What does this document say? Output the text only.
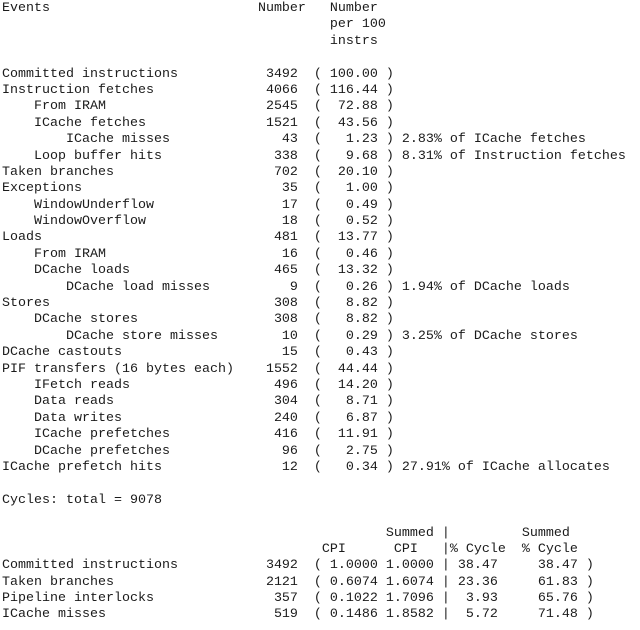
Events                          Number   Number
per 100
instrs

Committed instructions           3492  ( 100.00 )
Instruction fetches              4066  ( 116.44 )
From IRAM                    2545  (  72.88 )
ICache fetches               1521  (  43.56 )
ICache misses              43  (   1.23 ) 2.83% of ICache fetches
Loop buffer hits              338  (   9.68 ) 8.31% of Instruction fetches
Taken branches                    702  (  20.10 )
Exceptions                         35  (   1.00 )
WindowUnderflow                17  (   0.49 )
WindowOverflow                 18  (   0.52 )
Loads                             481  (  13.77 )
From IRAM                      16  (   0.46 )
DCache loads                  465  (  13.32 )
DCache load misses          9  (   0.26 ) 1.94% of DCache loads
Stores                            308  (   8.82 )
DCache stores                 308  (   8.82 )
DCache store misses        10  (   0.29 ) 3.25% of DCache stores
DCache castouts                    15  (   0.43 )
PIF transfers (16 bytes each)    1552  (  44.44 )
IFetch reads                  496  (  14.20 )
Data reads                    304  (   8.71 )
Data writes                   240  (   6.87 )
ICache prefetches             416  (  11.91 )
DCache prefetches              96  (   2.75 )
ICache prefetch hits               12  (   0.34 ) 27.91% of ICache allocates

Cycles: total = 9078

Summed |         Summed
CPI      CPI   |% Cycle  % Cycle
Committed instructions           3492  ( 1.0000 1.0000 | 38.47     38.47 )
Taken branches                   2121  ( 0.6074 1.6074 | 23.36     61.83 )
Pipeline interlocks               357  ( 0.1022 1.7096 |  3.93     65.76 )
ICache misses                     519  ( 0.1486 1.8582 |  5.72     71.48 )
